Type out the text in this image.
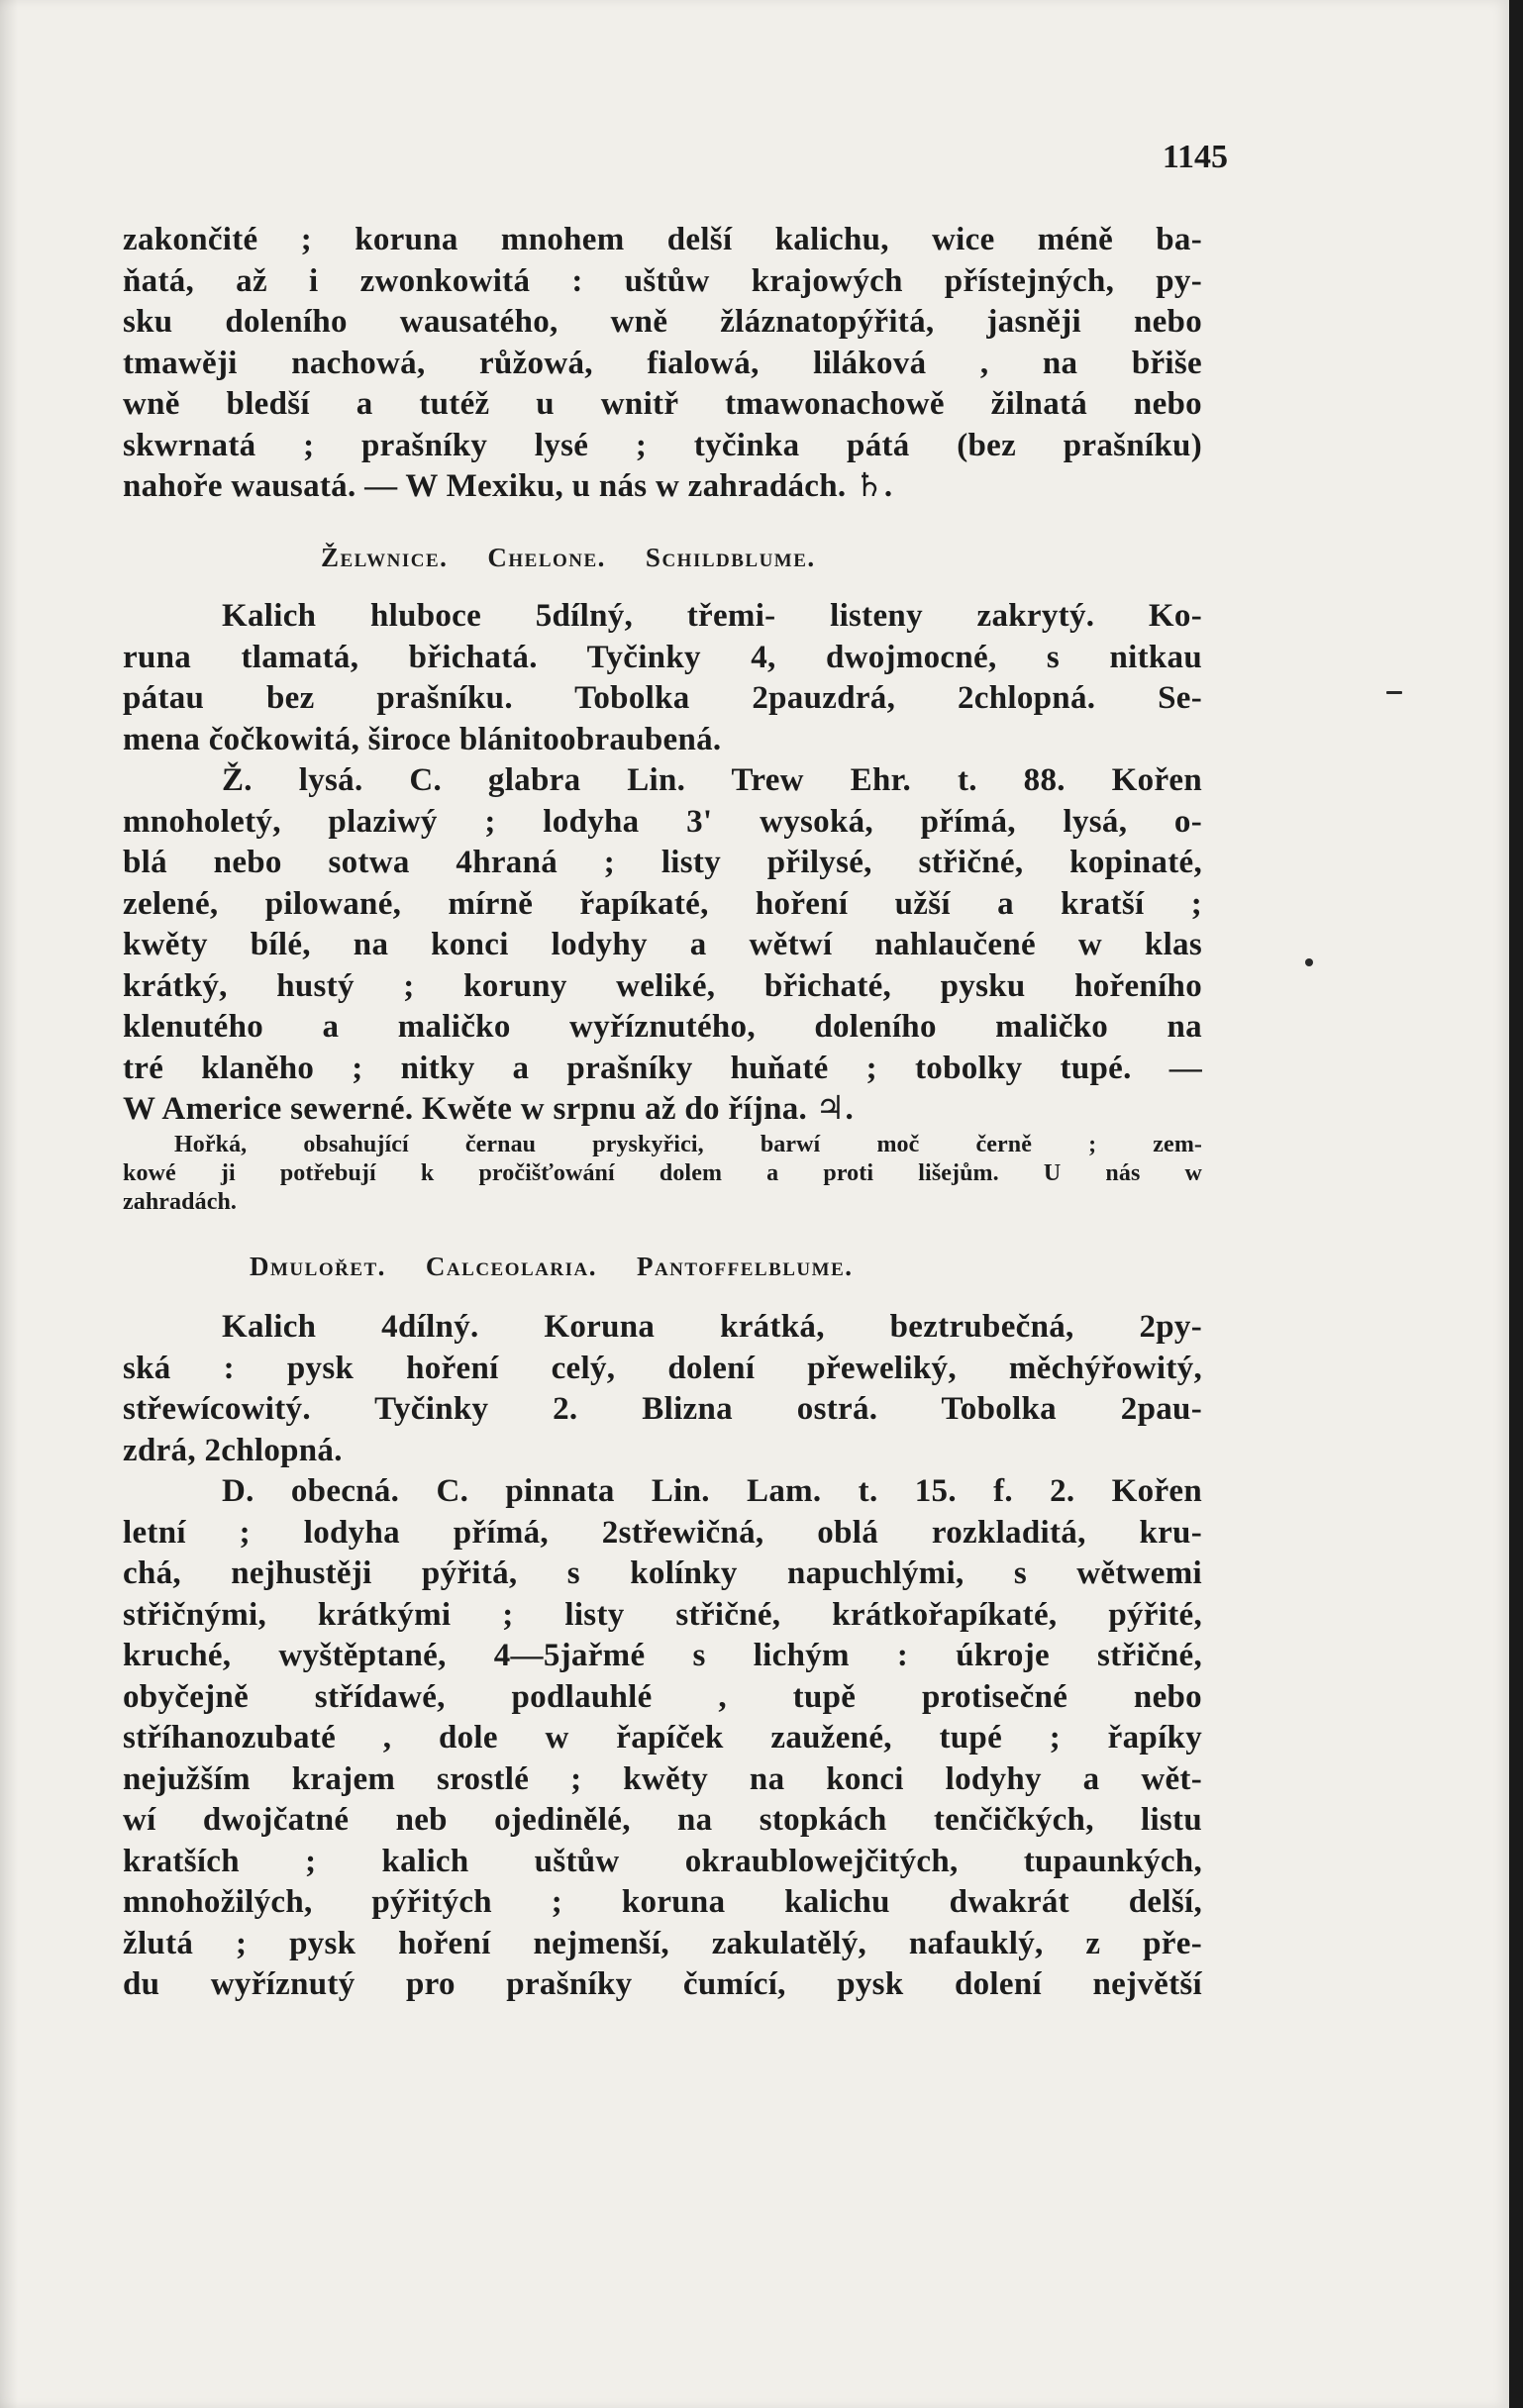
1145
zakončité ; koruna mnohem delší kalichu, wice méně ba-
ňatá, až i zwonkowitá : uštůw krajowých přístejných, py-
sku doleního wausatého, wně žláznatopýřitá, jasněji nebo
tmawěji nachowá, růžowá, fialowá, liláková , na břiše
wně bledší a tutéž u wnitř tmawonachowě žilnatá nebo
skwrnatá ; prašníky lysé ; tyčinka pátá (bez prašníku)
nahoře wausatá. — W Mexiku, u nás w zahradách. ♄.
Želwnice. Chelone. Schildblume.
Kalich hluboce 5dílný, třemi- listeny zakrytý. Ko-
runa tlamatá, břichatá. Tyčinky 4, dwojmocné, s nitkau
pátau bez prašníku. Tobolka 2pauzdrá, 2chlopná. Se-
mena čočkowitá, široce blánitoobraubená.
Ž. lysá. C. glabra Lin. Trew Ehr. t. 88. Kořen
mnoholetý, plaziwý ; lodyha 3' wysoká, přímá, lysá, o-
blá nebo sotwa 4hraná ; listy přilysé, střičné, kopinaté,
zelené, pilowané, mírně řapíkaté, hoření užší a kratší ;
kwěty bílé, na konci lodyhy a wětwí nahlaučené w klas
krátký, hustý ; koruny weliké, břichaté, pysku hořeního
klenutého a maličko wyříznutého, doleního maličko na
tré klaněho ; nitky a prašníky huňaté ; tobolky tupé. —
W Americe sewerné. Kwěte w srpnu až do října. ♃.
Hořká, obsahující černau pryskyřici, barwí moč černě ; zem-
kowé ji potřebují k pročišťowání dolem a proti lišejům. U nás w
zahradách.
Dmulořet. Calceolaria. Pantoffelblume.
Kalich 4dílný. Koruna krátká, beztrubečná, 2py-
ská : pysk hoření celý, dolení přeweliký, měchýřowitý,
střewícowitý. Tyčinky 2. Blizna ostrá. Tobolka 2pau-
zdrá, 2chlopná.
D. obecná. C. pinnata Lin. Lam. t. 15. f. 2. Kořen
letní ; lodyha přímá, 2střewičná, oblá rozkladitá, kru-
chá, nejhustěji pýřitá, s kolínky napuchlými, s wětwemi
střičnými, krátkými ; listy střičné, krátkořapíkaté, pýřité,
kruché, wyštěptané, 4—5jařmé s lichým : úkroje střičné,
obyčejně střídawé, podlauhlé , tupě protisečné nebo
stříhanozubaté , dole w řapíček zaužené, tupé ; řapíky
nejužším krajem srostlé ; kwěty na konci lodyhy a wět-
wí dwojčatné neb ojedinělé, na stopkách tenčičkých, listu
kratších ; kalich uštůw okraublowejčitých, tupaunkých,
mnohožilých, pýřitých ; koruna kalichu dwakrát delší,
žlutá ; pysk hoření nejmenší, zakulatělý, nafauklý, z pře-
du wyříznutý pro prašníky čumící, pysk dolení největší
